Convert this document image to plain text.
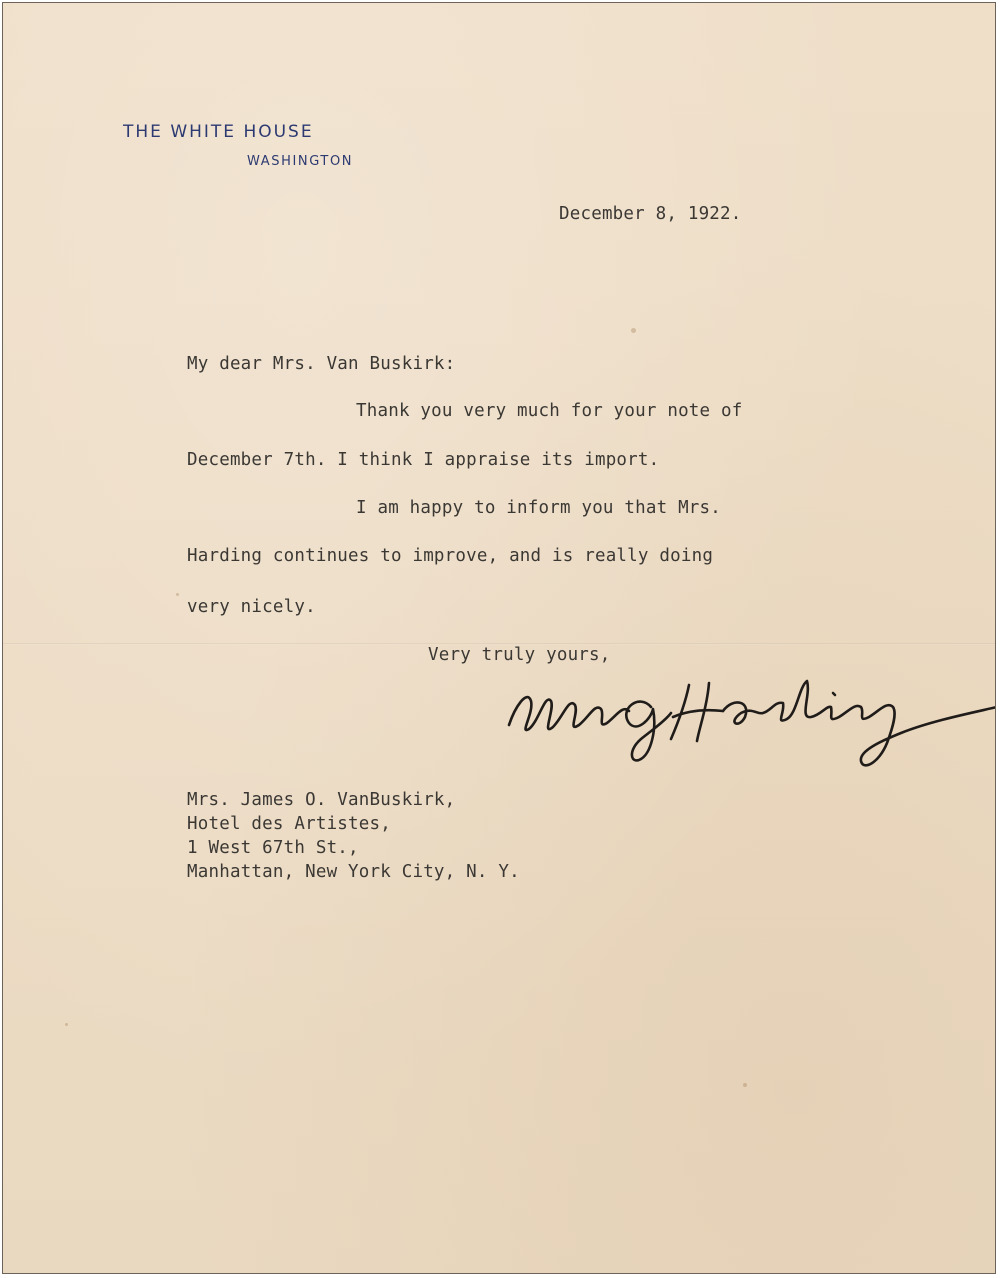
THE WHITE HOUSE
WASHINGTON
December 8, 1922.
My dear Mrs. Van Buskirk:
Thank you very much for your note of
December 7th. I think I appraise its import.
I am happy to inform you that Mrs.
Harding continues to improve, and is really doing
very nicely.
Very truly yours,
Mrs. James O. VanBuskirk,
Hotel des Artistes,
1 West 67th St.,
Manhattan, New York City, N. Y.
